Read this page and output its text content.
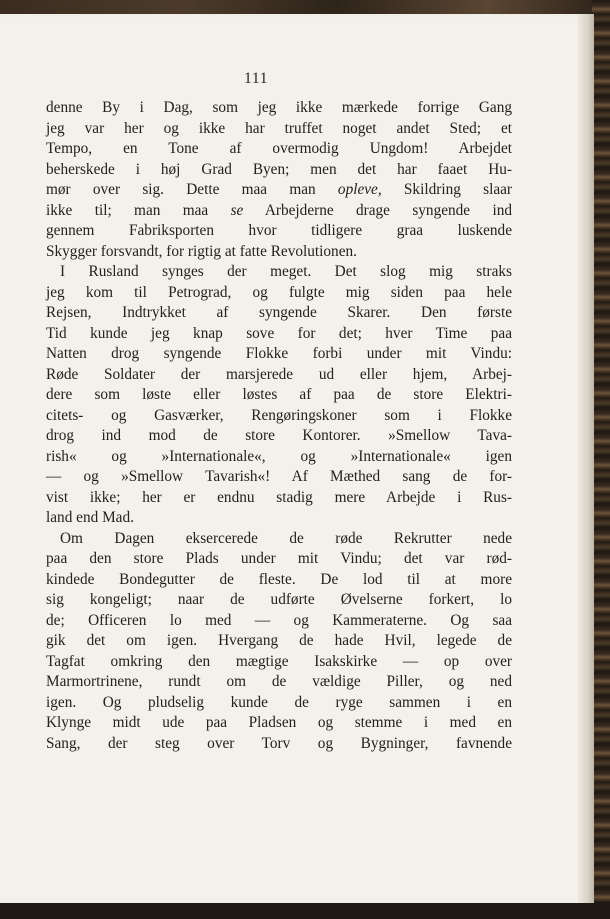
111
denne By i Dag, som jeg ikke mærkede forrige Gang
jeg var her og ikke har truffet noget andet Sted; et
Tempo, en Tone af overmodig Ungdom! Arbejdet
beherskede i høj Grad Byen; men det har faaet Hu-
mør over sig. Dette maa man opleve, Skildring slaar
ikke til; man maa se Arbejderne drage syngende ind
gennem Fabriksporten hvor tidligere graa luskende
Skygger forsvandt, for rigtig at fatte Revolutionen.
I Rusland synges der meget. Det slog mig straks
jeg kom til Petrograd, og fulgte mig siden paa hele
Rejsen, Indtrykket af syngende Skarer. Den første
Tid kunde jeg knap sove for det; hver Time paa
Natten drog syngende Flokke forbi under mit Vindu:
Røde Soldater der marsjerede ud eller hjem, Arbej-
dere som løste eller løstes af paa de store Elektri-
citets- og Gasværker, Rengøringskoner som i Flokke
drog ind mod de store Kontorer. »Smellow Tava-
rish« og »Internationale«, og »Internationale« igen
— og »Smellow Tavarish«! Af Mæthed sang de for-
vist ikke; her er endnu stadig mere Arbejde i Rus-
land end Mad.
Om Dagen eksercerede de røde Rekrutter nede
paa den store Plads under mit Vindu; det var rød-
kindede Bondegutter de fleste. De lod til at more
sig kongeligt; naar de udførte Øvelserne forkert, lo
de; Officeren lo med — og Kammeraterne. Og saa
gik det om igen. Hvergang de hade Hvil, legede de
Tagfat omkring den mægtige Isakskirke — op over
Marmortrinene, rundt om de vældige Piller, og ned
igen. Og pludselig kunde de ryge sammen i en
Klynge midt ude paa Pladsen og stemme i med en
Sang, der steg over Torv og Bygninger, favnende
